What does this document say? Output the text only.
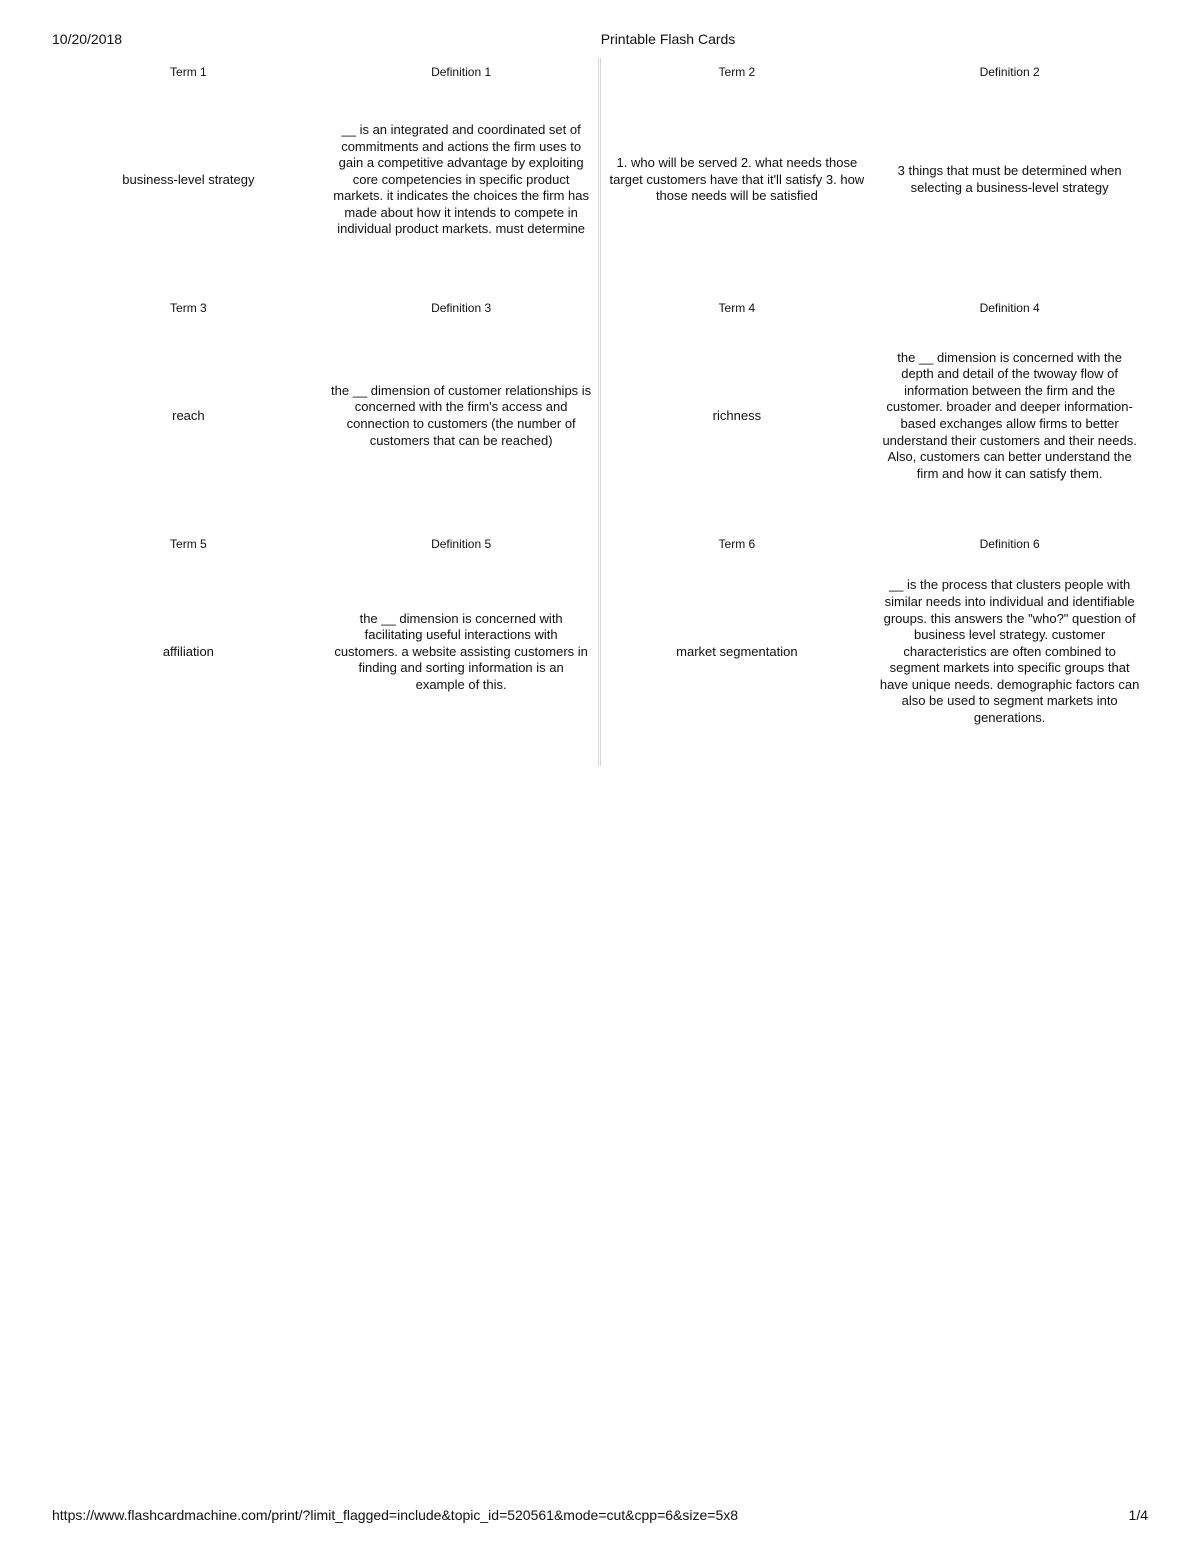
10/20/2018	Printable Flash Cards
Term 1
business-level strategy
Definition 1
__ is an integrated and coordinated set of commitments and actions the firm uses to gain a competitive advantage by exploiting core competencies in specific product markets. it indicates the choices the firm has made about how it intends to compete in individual product markets. must determine
Term 2
1. who will be served 2. what needs those target customers have that it'll satisfy 3. how those needs will be satisfied
Definition 2
3 things that must be determined when selecting a business-level strategy
Term 3
reach
Definition 3
the __ dimension of customer relationships is concerned with the firm's access and connection to customers (the number of customers that can be reached)
Term 4
richness
Definition 4
the __ dimension is concerned with the depth and detail of the twoway flow of information between the firm and the customer. broader and deeper information-based exchanges allow firms to better understand their customers and their needs. Also, customers can better understand the firm and how it can satisfy them.
Term 5
affiliation
Definition 5
the __ dimension is concerned with facilitating useful interactions with customers. a website assisting customers in finding and sorting information is an example of this.
Term 6
market segmentation
Definition 6
__ is the process that clusters people with similar needs into individual and identifiable groups. this answers the "who?" question of business level strategy. customer characteristics are often combined to segment markets into specific groups that have unique needs. demographic factors can also be used to segment markets into generations.
https://www.flashcardmachine.com/print/?limit_flagged=include&topic_id=520561&mode=cut&cpp=6&size=5x8	1/4
